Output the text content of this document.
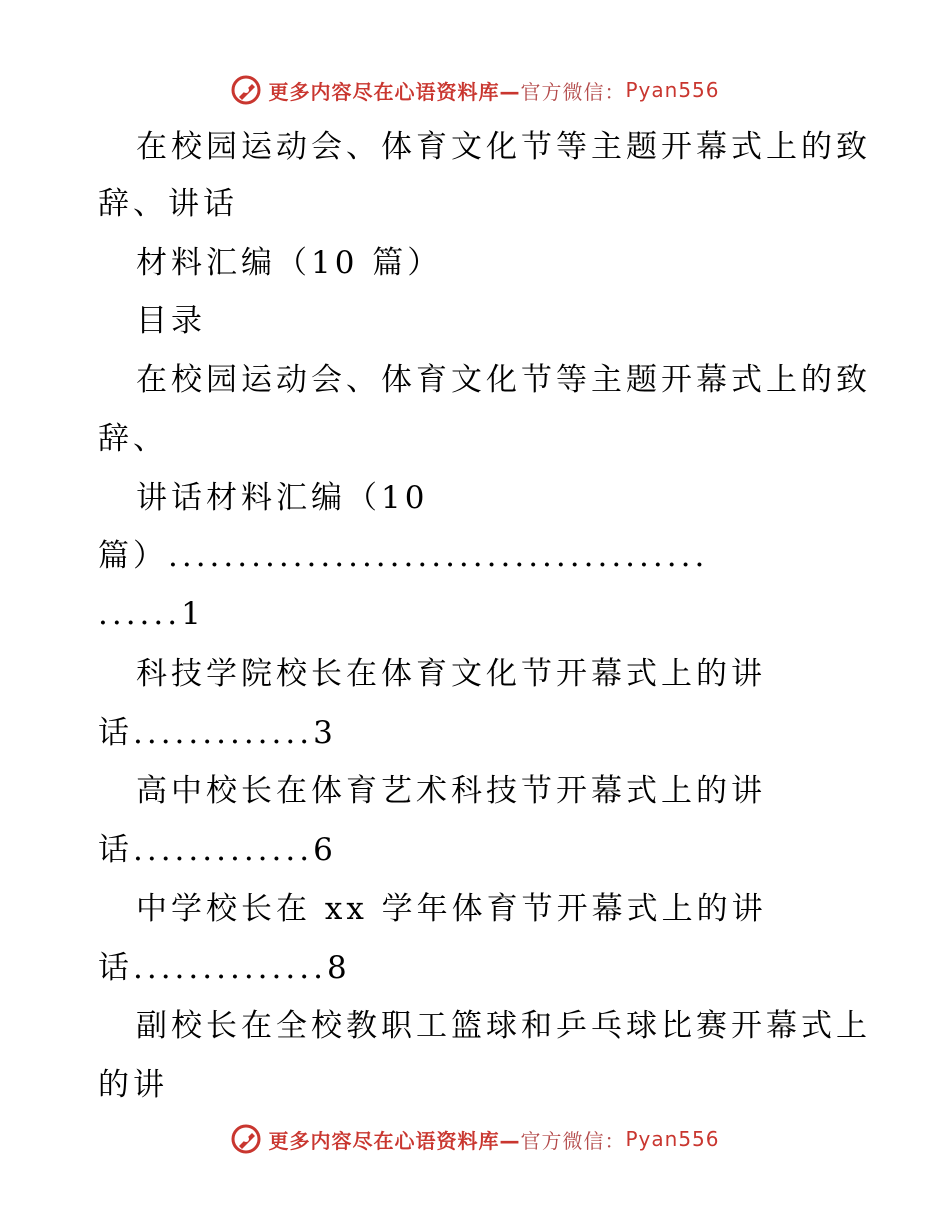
更多内容尽在心语资料库— 官方微信： Pyan556
在校园运动会、体育文化节等主题开幕式上的致
辞、讲话
材料汇编（10 篇）
目录
在校园运动会、体育文化节等主题开幕式上的致
辞、
讲话材料汇编（10
篇）.......................................
......1
科技学院校长在体育文化节开幕式上的讲
话.............3
高中校长在体育艺术科技节开幕式上的讲
话.............6
中学校长在 xx 学年体育节开幕式上的讲
话..............8
副校长在全校教职工篮球和乒乓球比赛开幕式上
的讲
更多内容尽在心语资料库— 官方微信： Pyan556
